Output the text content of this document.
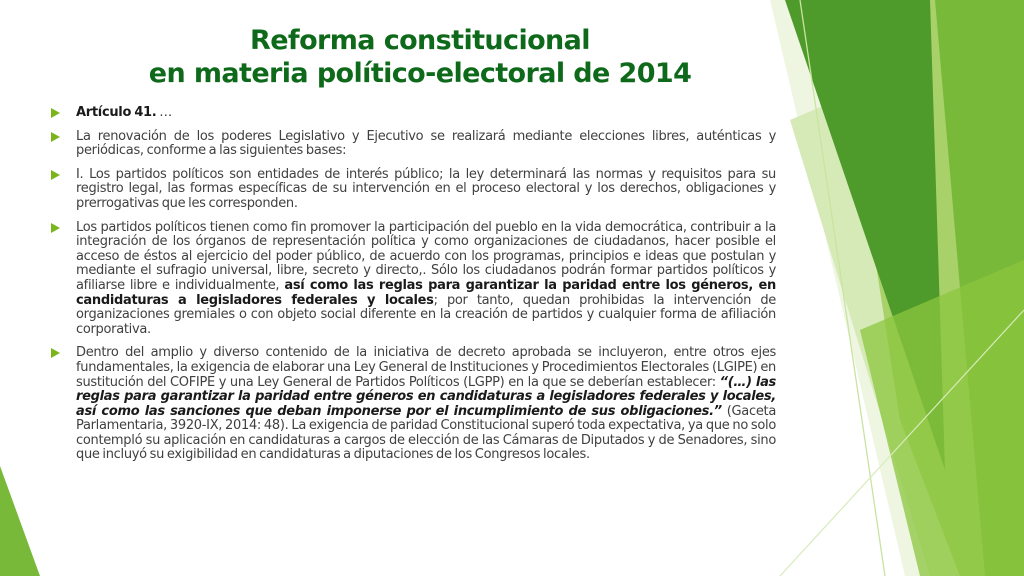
Reforma constitucional
en materia político-electoral de 2014

Artículo 41. …

La renovación de los poderes Legislativo y Ejecutivo se realizará mediante elecciones libres, auténticas y periódicas, conforme a las siguientes bases:

I. Los partidos políticos son entidades de interés público; la ley determinará las normas y requisitos para su registro legal, las formas específicas de su intervención en el proceso electoral y los derechos, obligaciones y prerrogativas que les corresponden.

Los partidos políticos tienen como fin promover la participación del pueblo en la vida democrática, contribuir a la integración de los órganos de representación política y como organizaciones de ciudadanos, hacer posible el acceso de éstos al ejercicio del poder público, de acuerdo con los programas, principios e ideas que postulan y mediante el sufragio universal, libre, secreto y directo,. Sólo los ciudadanos podrán formar partidos políticos y afiliarse libre e individualmente, así como las reglas para garantizar la paridad entre los géneros, en candidaturas a legisladores federales y locales; por tanto, quedan prohibidas la intervención de organizaciones gremiales o con objeto social diferente en la creación de partidos y cualquier forma de afiliación corporativa.

Dentro del amplio y diverso contenido de la iniciativa de decreto aprobada se incluyeron, entre otros ejes fundamentales, la exigencia de elaborar una Ley General de Instituciones y Procedimientos Electorales (LGIPE) en sustitución del COFIPE y una Ley General de Partidos Políticos (LGPP) en la que se deberían establecer: “(…) las reglas para garantizar la paridad entre géneros en candidaturas a legisladores federales y locales, así como las sanciones que deban imponerse por el incumplimiento de sus obligaciones.” (Gaceta Parlamentaria, 3920-IX, 2014: 48). La exigencia de paridad Constitucional superó toda expectativa, ya que no solo contempló su aplicación en candidaturas a cargos de elección de las Cámaras de Diputados y de Senadores, sino que incluyó su exigibilidad en candidaturas a diputaciones de los Congresos locales.
